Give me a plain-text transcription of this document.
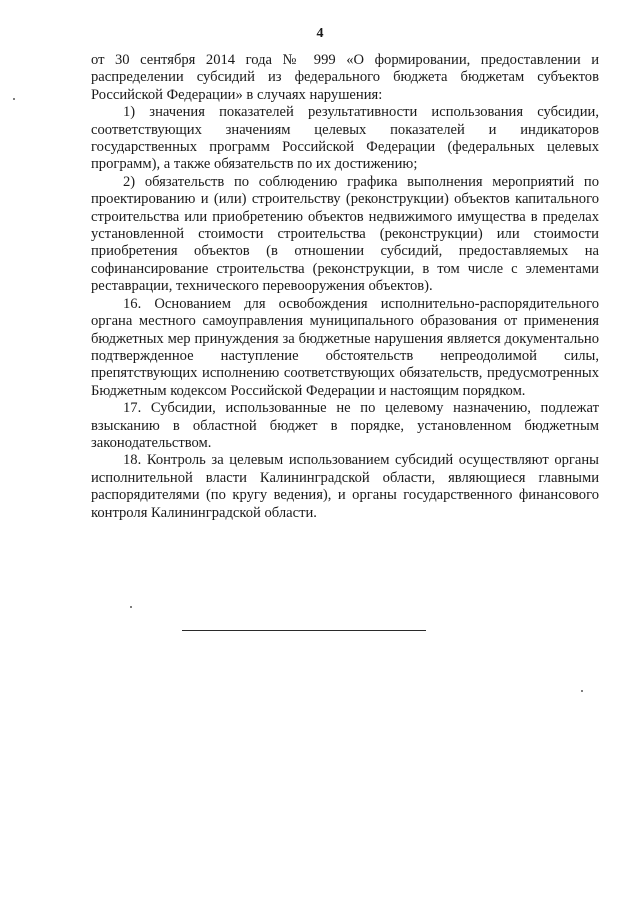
4

от 30 сентября 2014 года № 999 «О формировании, предоставлении и распределении субсидий из федерального бюджета бюджетам субъектов Российской Федерации» в случаях нарушения:

1) значения показателей результативности использования субсидии, соответствующих значениям целевых показателей и индикаторов государственных программ Российской Федерации (федеральных целевых программ), а также обязательств по их достижению;

2) обязательств по соблюдению графика выполнения мероприятий по проектированию и (или) строительству (реконструкции) объектов капитального строительства или приобретению объектов недвижимого имущества в пределах установленной стоимости строительства (реконструкции) или стоимости приобретения объектов (в отношении субсидий, предоставляемых на софинансирование строительства (реконструкции, в том числе с элементами реставрации, технического перевооружения объектов).

16. Основанием для освобождения исполнительно-распорядительного органа местного самоуправления муниципального образования от применения бюджетных мер принуждения за бюджетные нарушения является документально подтвержденное наступление обстоятельств непреодолимой силы, препятствующих исполнению соответствующих обязательств, предусмотренных Бюджетным кодексом Российской Федерации и настоящим порядком.

17. Субсидии, использованные не по целевому назначению, подлежат взысканию в областной бюджет в порядке, установленном бюджетным законодательством.

18. Контроль за целевым использованием субсидий осуществляют органы исполнительной власти Калининградской области, являющиеся главными распорядителями (по кругу ведения), и органы государственного финансового контроля Калининградской области.
